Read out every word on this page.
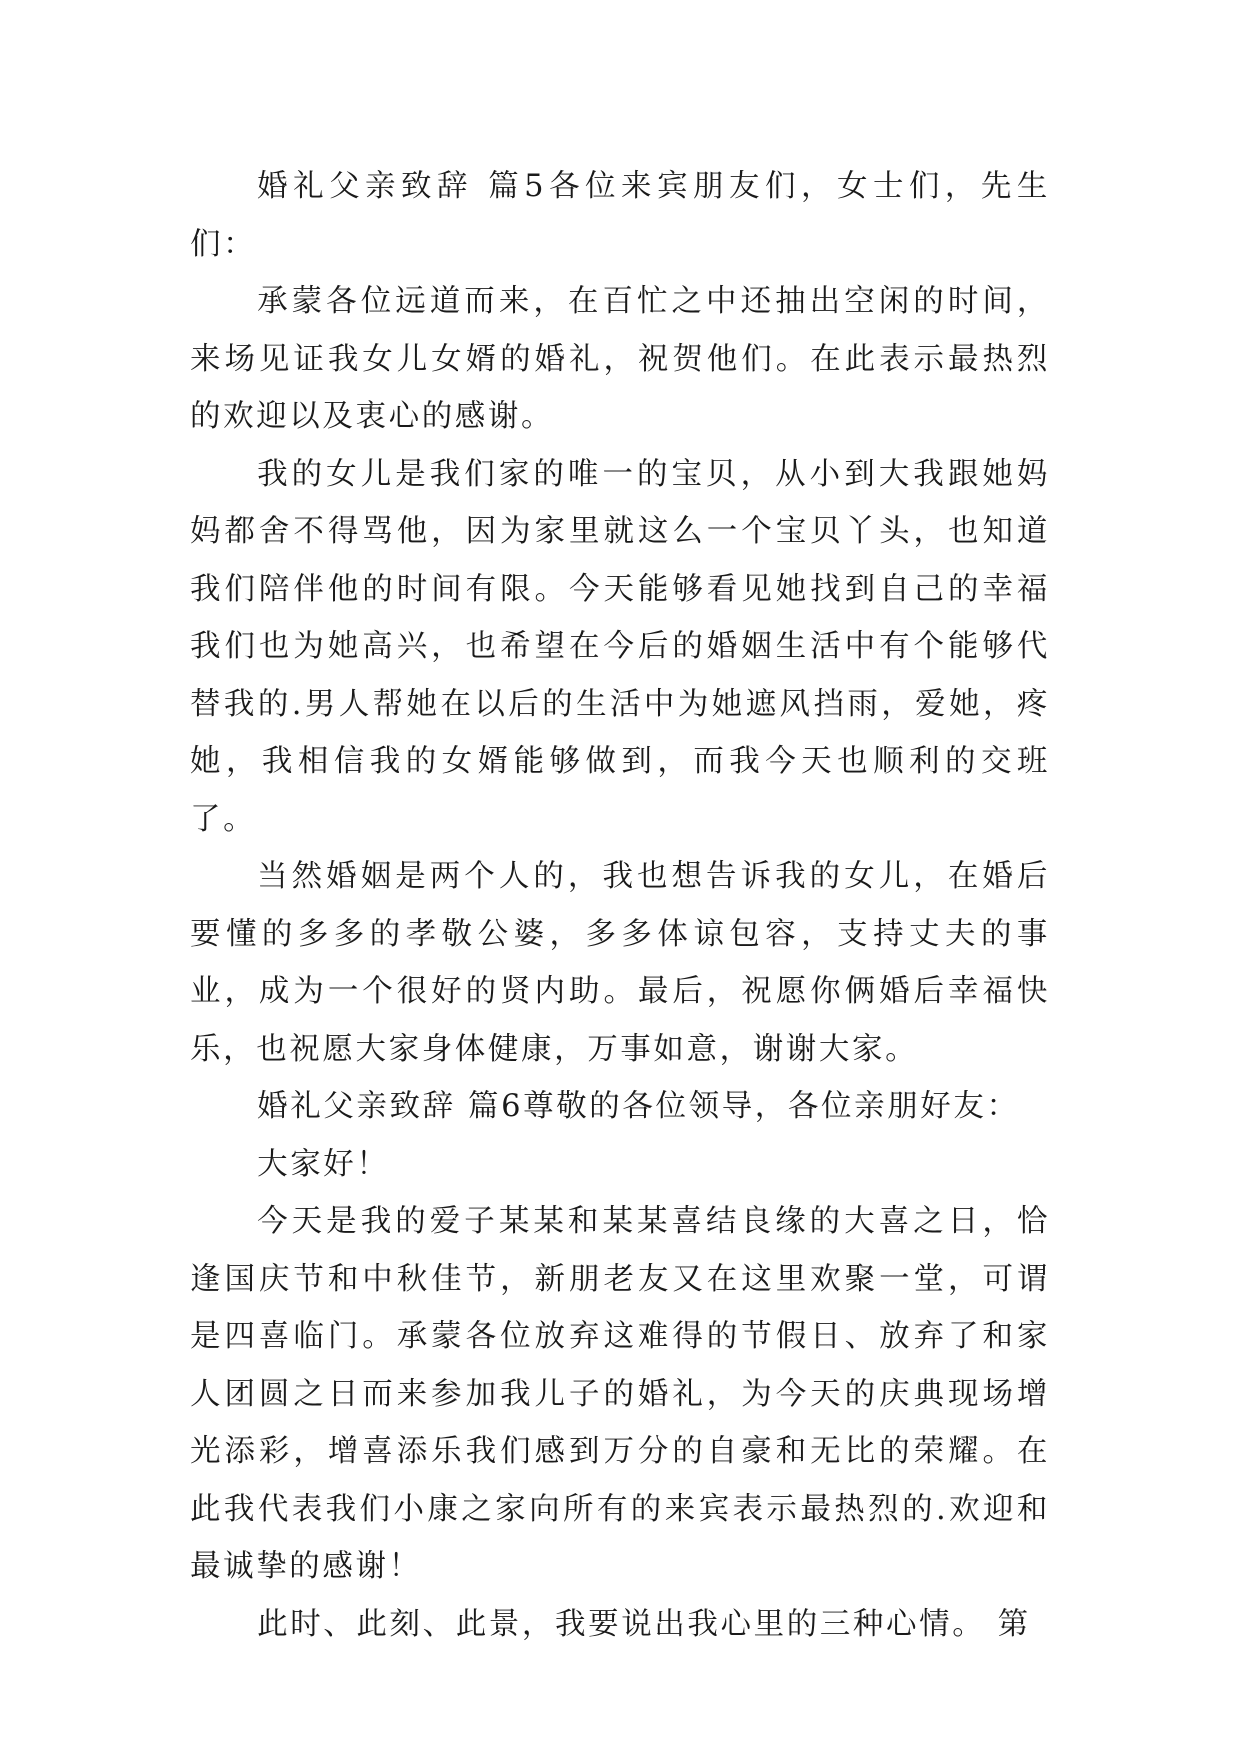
婚礼父亲致辞 篇5各位来宾朋友们，女士们，先生们：

承蒙各位远道而来，在百忙之中还抽出空闲的时间，来场见证我女儿女婿的婚礼，祝贺他们。在此表示最热烈的欢迎以及衷心的感谢。

我的女儿是我们家的唯一的宝贝，从小到大我跟她妈妈都舍不得骂他，因为家里就这么一个宝贝丫头，也知道我们陪伴他的时间有限。今天能够看见她找到自己的幸福我们也为她高兴，也希望在今后的婚姻生活中有个能够代替我的.男人帮她在以后的生活中为她遮风挡雨，爱她，疼她，我相信我的女婿能够做到，而我今天也顺利的交班了。

当然婚姻是两个人的，我也想告诉我的女儿，在婚后要懂的多多的孝敬公婆，多多体谅包容，支持丈夫的事业，成为一个很好的贤内助。最后，祝愿你俩婚后幸福快乐，也祝愿大家身体健康，万事如意，谢谢大家。

婚礼父亲致辞 篇6尊敬的各位领导，各位亲朋好友：

大家好！

今天是我的爱子某某和某某喜结良缘的大喜之日，恰逢国庆节和中秋佳节，新朋老友又在这里欢聚一堂，可谓是四喜临门。承蒙各位放弃这难得的节假日、放弃了和家人团圆之日而来参加我儿子的婚礼，为今天的庆典现场增光添彩，增喜添乐我们感到万分的自豪和无比的荣耀。在此我代表我们小康之家向所有的来宾表示最热烈的.欢迎和最诚挚的感谢！

此时、此刻、此景，我要说出我心里的三种心情。 第
